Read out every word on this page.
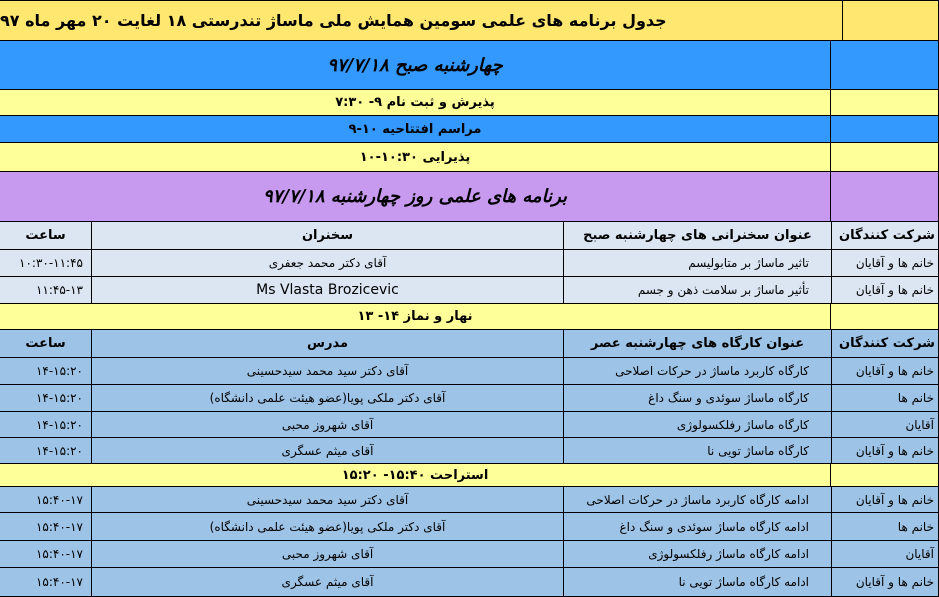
جدول برنامه های علمی سومین همایش ملی ماساژ تندرستی ۱۸ لغایت ۲۰ مهر ماه ۹۷
چهارشنبه صبح ۹۷/۷/۱۸
پذیرش و ثبت نام ۹- ۷:۳۰
مراسم افتتاحیه ۱۰-۹
پذیرایی ۱۰:۳۰-۱۰
برنامه های علمی روز چهارشنبه ۹۷/۷/۱۸
ساعت	سخنران	عنوان سخنرانی های چهارشنبه صبح	شرکت کنندگان
۱۰:۳۰-۱۱:۴۵	آقای دکتر محمد جعفری	تاثیر ماساژ بر متابولیسم	خانم ها و آقایان
۱۱:۴۵-۱۳	Ms Vlasta Brozicevic	تأثیر ماساژ بر سلامت ذهن و جسم	خانم ها و آقایان
نهار و نماز ۱۴- ۱۳
ساعت	مدرس	عنوان کارگاه های چهارشنبه عصر	شرکت کنندگان
۱۴-۱۵:۲۰	آقای دکتر سید محمد سیدحسینی	کارگاه کاربرد ماساژ در حرکات اصلاحی	خانم ها و آقایان
۱۴-۱۵:۲۰	آقای دکتر ملکی پویا(عضو هیئت علمی دانشگاه)	کارگاه ماساژ سوئدی و سنگ داغ	خانم ها
۱۴-۱۵:۲۰	آقای شهروز محبی	کارگاه ماساژ رفلکسولوژی	آقایان
۱۴-۱۵:۲۰	آقای میثم عسگری	کارگاه ماساژ تویی نا	خانم ها و آقایان
استراحت ۱۵:۴۰- ۱۵:۲۰
۱۵:۴۰-۱۷	آقای دکتر سید محمد سیدحسینی	ادامه کارگاه کاربرد ماساژ در حرکات اصلاحی	خانم ها و آقایان
۱۵:۴۰-۱۷	آقای دکتر ملکی پویا(عضو هیئت علمی دانشگاه)	ادامه کارگاه ماساژ سوئدی و سنگ داغ	خانم ها
۱۵:۴۰-۱۷	آقای شهروز محبی	ادامه کارگاه ماساژ رفلکسولوژی	آقایان
۱۵:۴۰-۱۷	آقای میثم عسگری	ادامه کارگاه ماساژ تویی نا	خانم ها و آقایان
